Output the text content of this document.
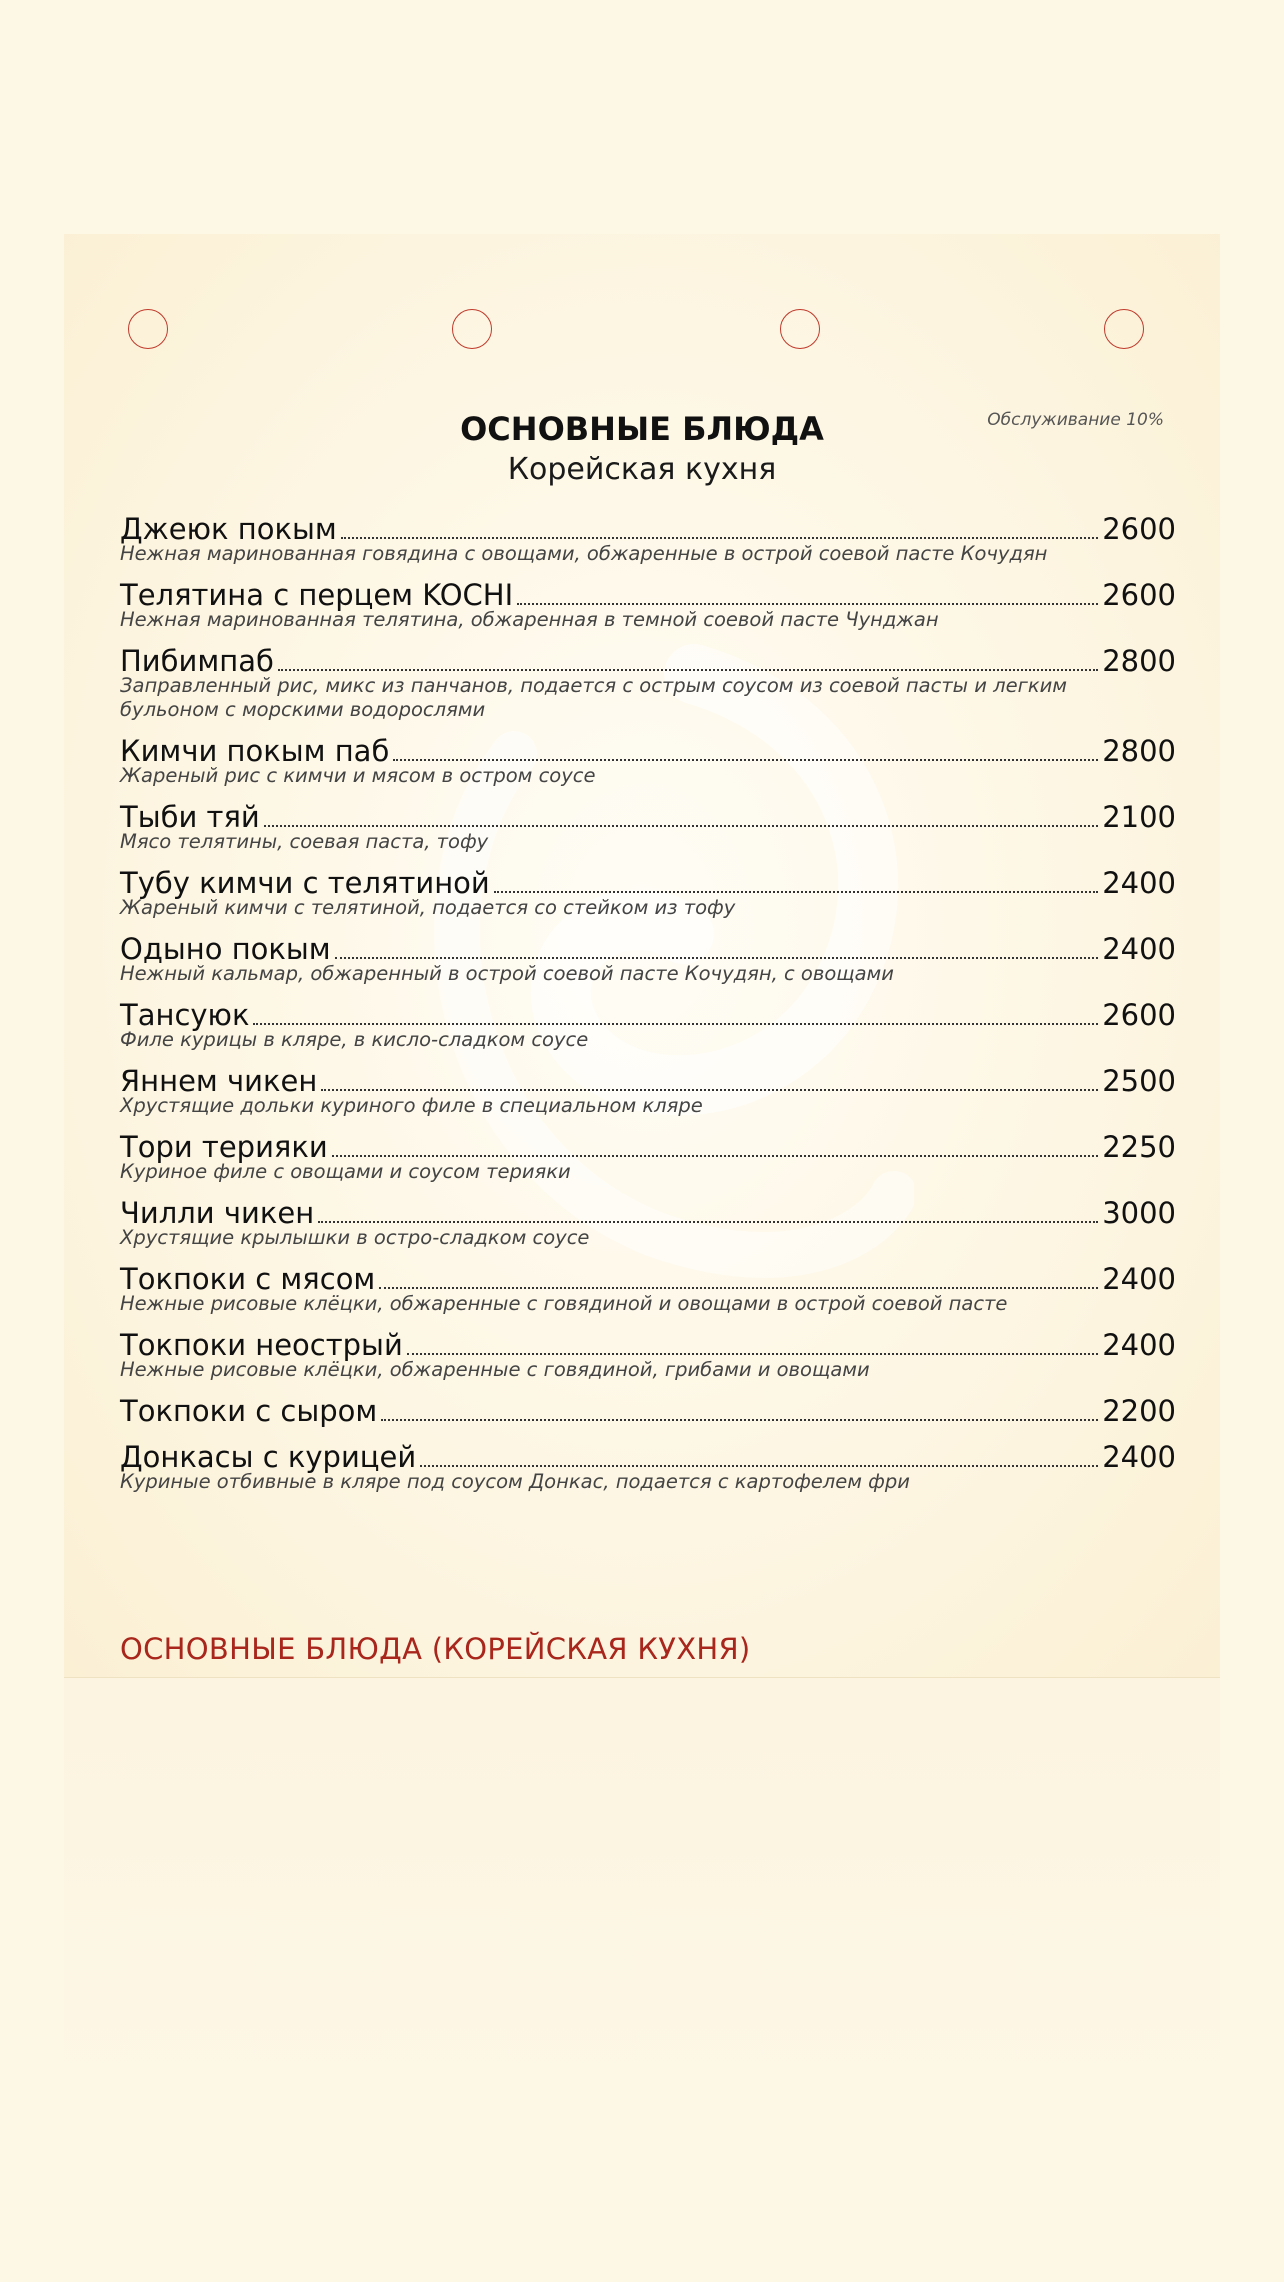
ОСНОВНЫЕ БЛЮДА
Корейская кухня
Обслуживание 10%
Джеюк покым	2600
Нежная маринованная говядина с овощами, обжаренные в острой соевой пасте Кочудян
Телятина с перцем KOCHI	2600
Нежная маринованная телятина, обжаренная в темной соевой пасте Чунджан
Пибимпаб	2800
Заправленный рис, микс из панчанов, подается с острым соусом из соевой пасты и легким бульоном с морскими водорослями
Кимчи покым паб	2800
Жареный рис с кимчи и мясом в остром соусе
Тыби тяй	2100
Мясо телятины, соевая паста, тофу
Тубу кимчи с телятиной	2400
Жареный кимчи с телятиной, подается со стейком из тофу
Одыно покым	2400
Нежный кальмар, обжаренный в острой соевой пасте Кочудян, с овощами
Тансуюк	2600
Филе курицы в кляре, в кисло-сладком соусе
Яннем чикен	2500
Хрустящие дольки куриного филе в специальном кляре
Тори терияки	2250
Куриное филе с овощами и соусом терияки
Чилли чикен	3000
Хрустящие крылышки в остро-сладком соусе
Токпоки с мясом	2400
Нежные рисовые клёцки, обжаренные с говядиной и овощами в острой соевой пасте
Токпоки неострый	2400
Нежные рисовые клёцки, обжаренные с говядиной, грибами и овощами
Токпоки с сыром	2200
Донкасы с курицей	2400
Куриные отбивные в кляре под соусом Донкас, подается с картофелем фри
ОСНОВНЫЕ БЛЮДА (КОРЕЙСКАЯ КУХНЯ)
